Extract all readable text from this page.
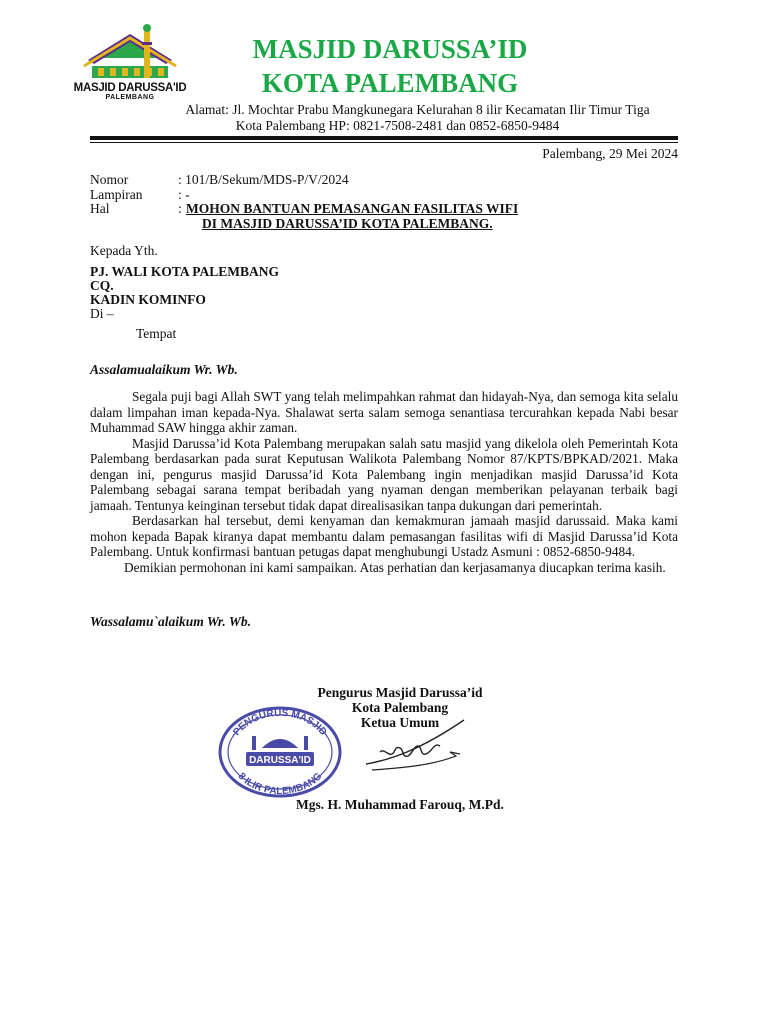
MASJID DARUSSA'ID
PALEMBANG
MASJID DARUSSA’ID
KOTA PALEMBANG
Alamat: Jl. Mochtar Prabu Mangkunegara Kelurahan 8 ilir Kecamatan Ilir Timur Tiga
Kota Palembang HP: 0821-7508-2481 dan 0852-6850-9484
Palembang, 29 Mei 2024
Nomor	: 101/B/Sekum/MDS-P/V/2024
Lampiran	: -
Hal	: MOHON BANTUAN PEMASANGAN FASILITAS WIFI
DI MASJID DARUSSA’ID KOTA PALEMBANG.
Kepada Yth.
PJ. WALI KOTA PALEMBANG
CQ.
KADIN KOMINFO
Di –
Tempat
Assalamualaikum Wr. Wb.

Segala puji bagi Allah SWT yang telah melimpahkan rahmat dan hidayah-Nya, dan semoga kita selalu dalam limpahan iman kepada-Nya. Shalawat serta salam semoga senantiasa tercurahkan kepada Nabi besar Muhammad SAW hingga akhir zaman.

Masjid Darussa’id Kota Palembang merupakan salah satu masjid yang dikelola oleh Pemerintah Kota Palembang berdasarkan pada surat Keputusan Walikota Palembang Nomor 87/KPTS/BPKAD/2021. Maka dengan ini, pengurus masjid Darussa’id Kota Palembang ingin menjadikan masjid Darussa’id Kota Palembang sebagai sarana tempat beribadah yang nyaman dengan memberikan pelayanan terbaik bagi jamaah. Tentunya keinginan tersebut tidak dapat direalisasikan tanpa dukungan dari pemerintah.

Berdasarkan hal tersebut, demi kenyaman dan kemakmuran jamaah masjid darussaid. Maka kami mohon kepada Bapak kiranya dapat membantu dalam pemasangan fasilitas wifi di Masjid Darussa’id Kota Palembang. Untuk konfirmasi bantuan petugas dapat menghubungi Ustadz Asmuni : 0852-6850-9484.

Demikian permohonan ini kami sampaikan. Atas perhatian dan kerjasamanya diucapkan terima kasih.

Wassalamu`alaikum Wr. Wb.
Pengurus Masjid Darussa’id
Kota Palembang
Ketua Umum
PENGURUS MASJID
8 ILIR PALEMBANG
DARUSSA'ID
Mgs. H. Muhammad Farouq, M.Pd.
